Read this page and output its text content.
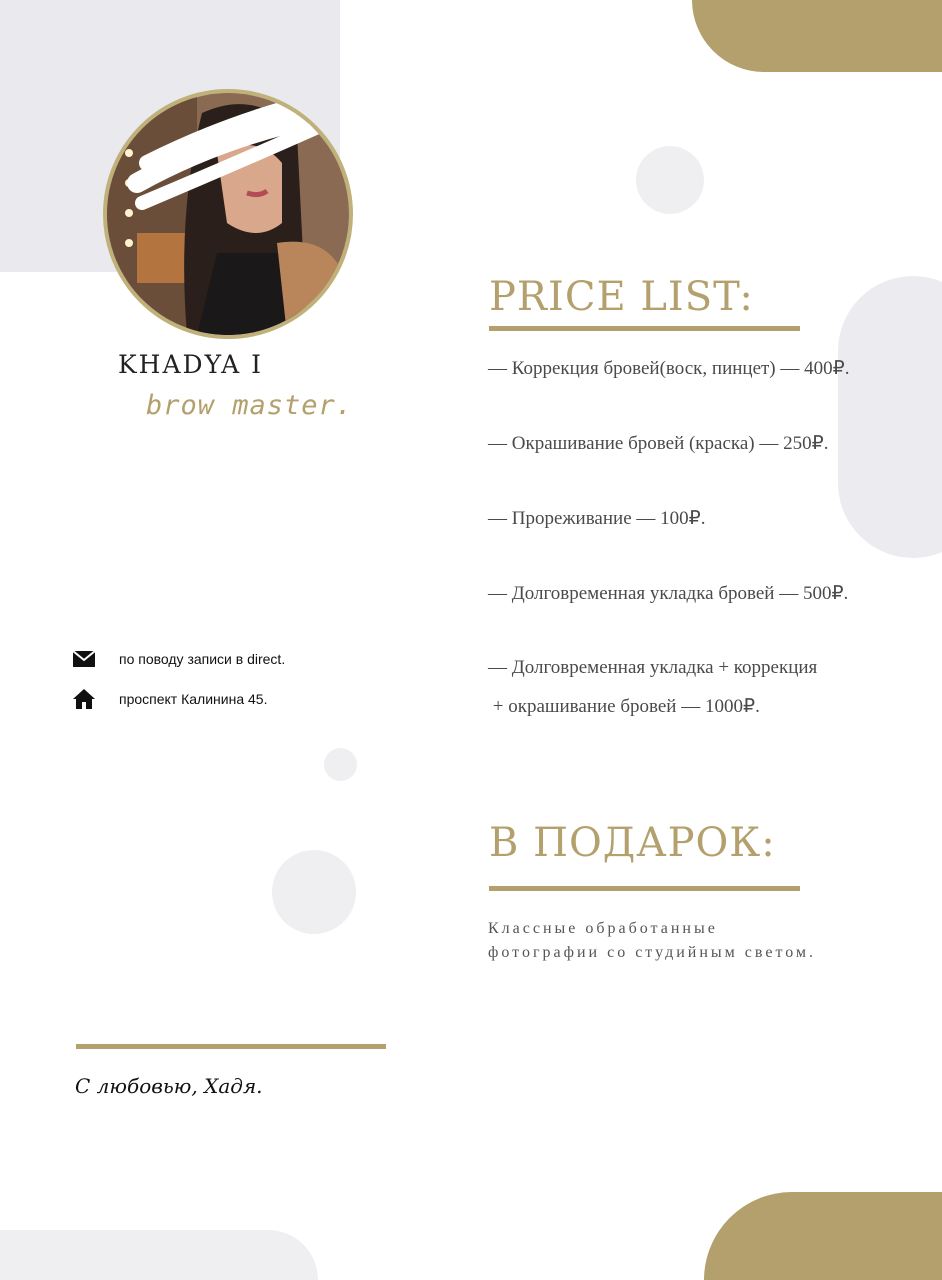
KHADYA I
brow master.
по поводу записи в direct.
проспект Калинина 45.
PRICE LIST:
— Коррекция бровей(воск, пинцет) — 400₽.
— Окрашивание бровей (краска) — 250₽.
— Прореживание — 100₽.
— Долговременная укладка бровей — 500₽.
— Долговременная укладка + коррекция
+ окрашивание бровей — 1000₽.
В ПОДАРОК:
Классные обработанные
фотографии со студийным светом.
С любовью, Хадя.
